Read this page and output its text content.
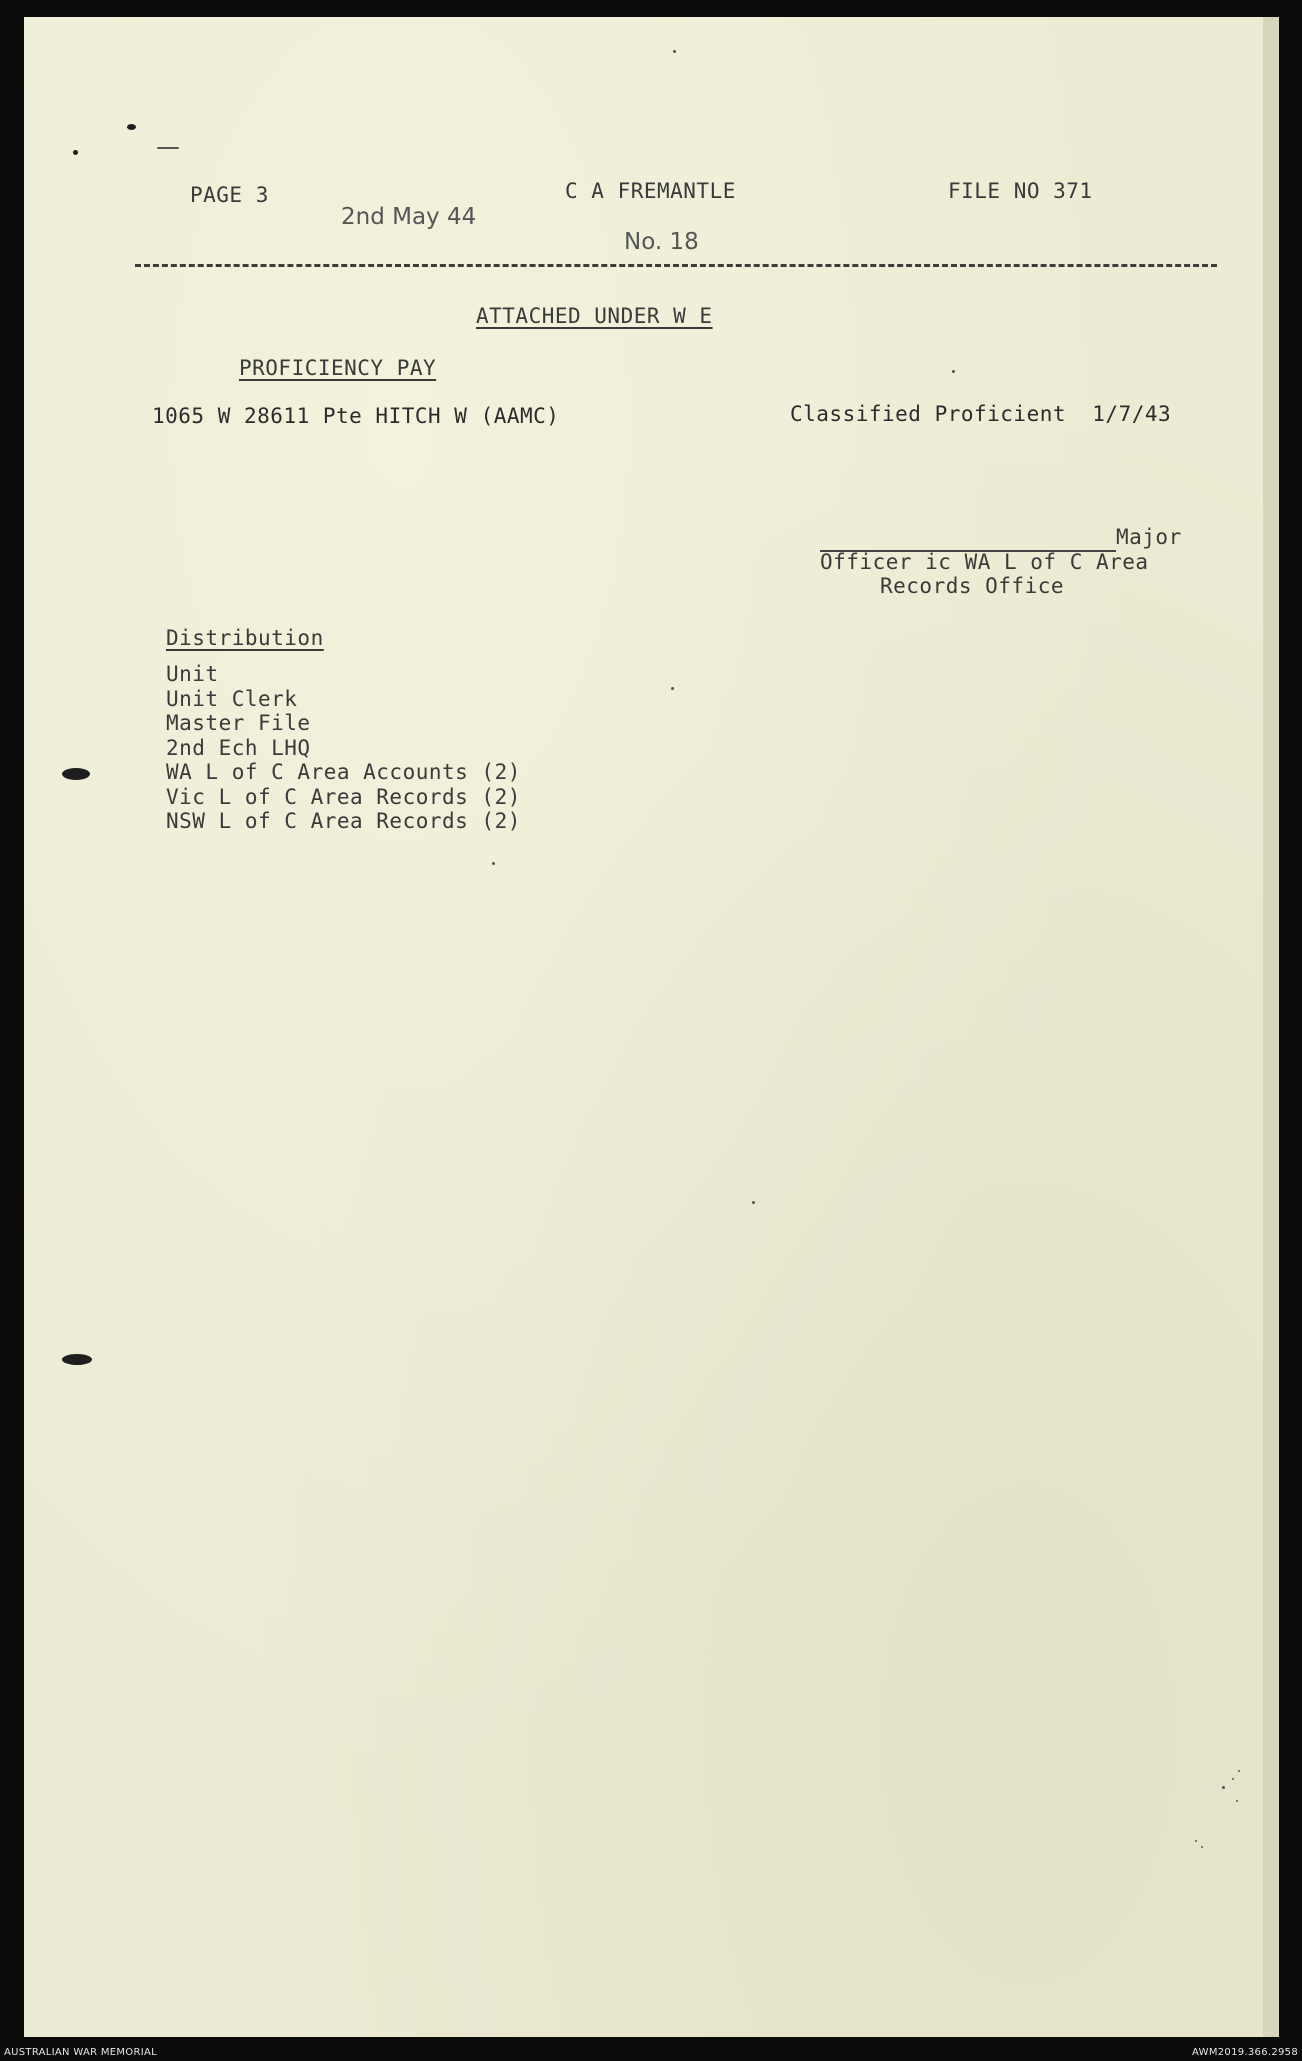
PAGE 3
2nd May 44
C A FREMANTLE	FILE NO 371
No. 18
ATTACHED UNDER W E
PROFICIENCY PAY
1065 W 28611 Pte HITCH W (AAMC)	Classified Proficient  1/7/43
Major
Officer ic WA L of C Area
Records Office
Distribution
Unit
Unit Clerk
Master File
2nd Ech LHQ
WA L of C Area Accounts (2)
Vic L of C Area Records (2)
NSW L of C Area Records (2)
AUSTRALIAN WAR MEMORIAL	AWM2019.366.2958
